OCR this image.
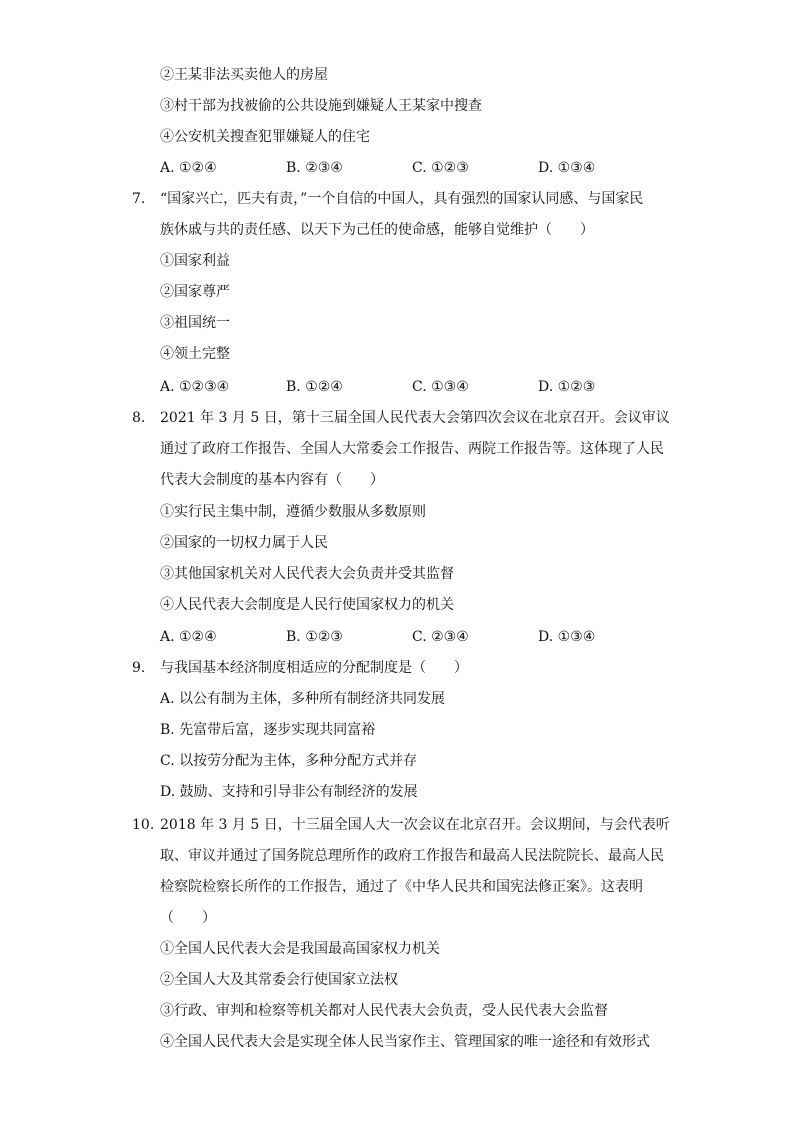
②王某非法买卖他人的房屋
③村干部为找被偷的公共设施到嫌疑人王某家中搜查
④公安机关搜查犯罪嫌疑人的住宅
A. ①②④	B. ②③④	C. ①②③	D. ①③④
7. “国家兴亡，匹夫有责，”一个自信的中国人，具有强烈的国家认同感、与国家民
族休戚与共的责任感、以天下为己任的使命感，能够自觉维护（　　）
①国家利益
②国家尊严
③祖国统一
④领土完整
A. ①②③④	B. ①②④	C. ①③④	D. ①②③
8. 2021 年 3 月 5 日，第十三届全国人民代表大会第四次会议在北京召开。会议审议
通过了政府工作报告、全国人大常委会工作报告、两院工作报告等。这体现了人民
代表大会制度的基本内容有（　　）
①实行民主集中制，遵循少数服从多数原则
②国家的一切权力属于人民
③其他国家机关对人民代表大会负责并受其监督
④人民代表大会制度是人民行使国家权力的机关
A. ①②④	B. ①②③	C. ②③④	D. ①③④
9. 与我国基本经济制度相适应的分配制度是（　　）
A. 以公有制为主体，多种所有制经济共同发展
B. 先富带后富，逐步实现共同富裕
C. 以按劳分配为主体，多种分配方式并存
D. 鼓励、支持和引导非公有制经济的发展
10. 2018 年 3 月 5 日，十三届全国人大一次会议在北京召开。会议期间，与会代表听
取、审议并通过了国务院总理所作的政府工作报告和最高人民法院院长、最高人民
检察院检察长所作的工作报告，通过了《中华人民共和国宪法修正案》。这表明
（　　）
①全国人民代表大会是我国最高国家权力机关
②全国人大及其常委会行使国家立法权
③行政、审判和检察等机关都对人民代表大会负责，受人民代表大会监督
④全国人民代表大会是实现全体人民当家作主、管理国家的唯一途径和有效形式
